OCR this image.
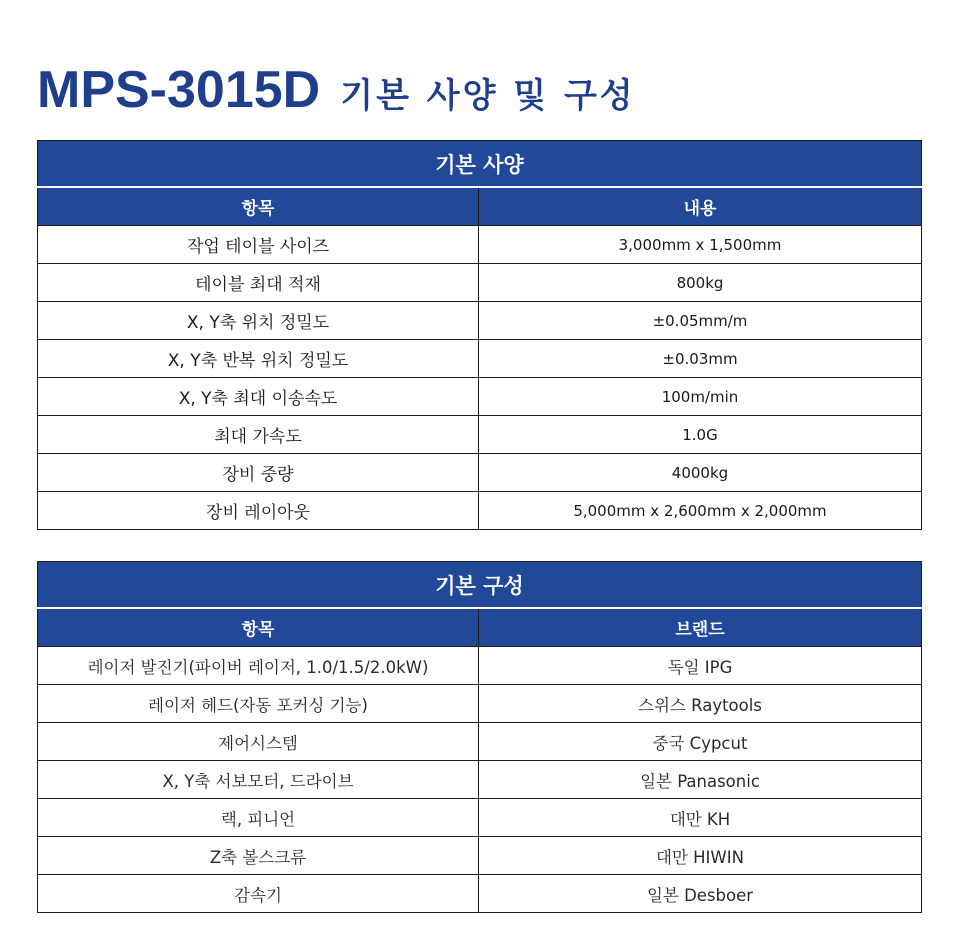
MPS-3015D 기본 사양 및 구성
기본 사양	
항목	내용
작업 테이블 사이즈	3,000mm x 1,500mm
테이블 최대 적재	800kg
X, Y축 위치 정밀도	±0.05mm/m
X, Y축 반복 위치 정밀도	±0.03mm
X, Y축 최대 이송속도	100m/min
최대 가속도	1.0G
장비 중량	4000kg
장비 레이아웃	5,000mm x 2,600mm x 2,000mm
기본 구성	
항목	브랜드
레이저 발진기(파이버 레이저, 1.0/1.5/2.0kW)	독일 IPG
레이저 헤드(자동 포커싱 기능)	스위스 Raytools
제어시스템	중국 Cypcut
X, Y축 서보모터, 드라이브	일본 Panasonic
랙, 피니언	대만 KH
Z축 볼스크류	대만 HIWIN
감속기	일본 Desboer
